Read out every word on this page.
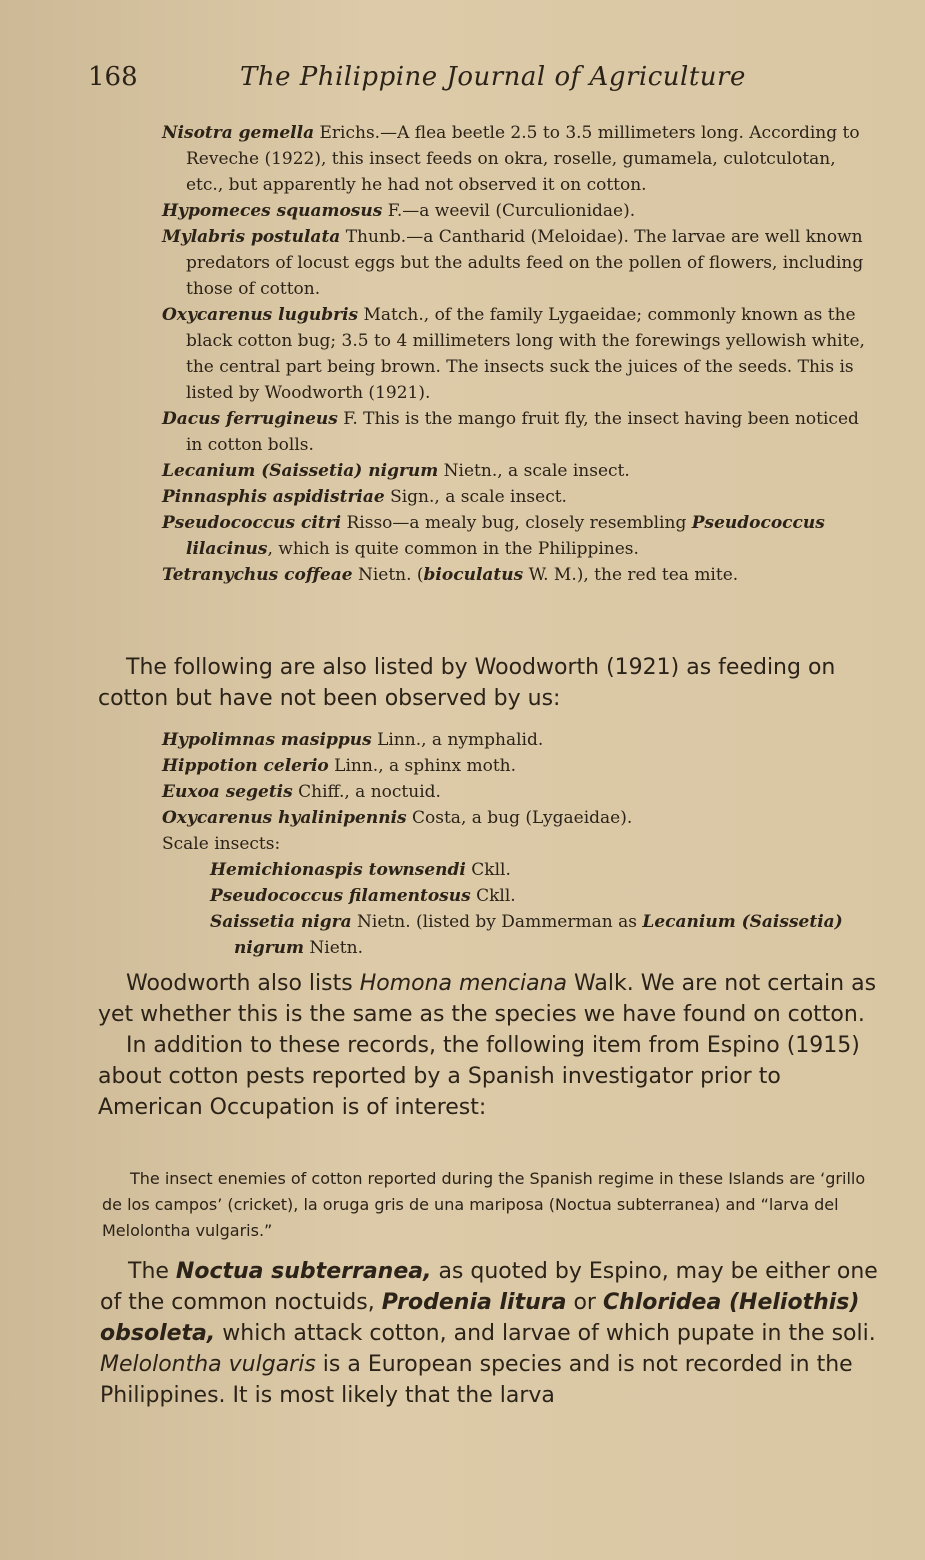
168	The Philippine Journal of Agriculture

Nisotra gemella Erichs.—A flea beetle 2.5 to 3.5 millimeters long. According to Reveche (1922), this insect feeds on okra, roselle, gumamela, culotculotan, etc., but apparently he had not observed it on cotton.

Hypomeces squamosus F.—a weevil (Curculionidae).

Mylabris postulata Thunb.—a Cantharid (Meloidae). The larvae are well known predators of locust eggs but the adults feed on the pollen of flowers, including those of cotton.

Oxycarenus lugubris Match., of the family Lygaeidae; commonly known as the black cotton bug; 3.5 to 4 millimeters long with the forewings yellowish white, the central part being brown. The insects suck the juices of the seeds. This is listed by Woodworth (1921).

Dacus ferrugineus F. This is the mango fruit fly, the insect having been noticed in cotton bolls.

Lecanium (Saissetia) nigrum Nietn., a scale insect.

Pinnasphis aspidistriae Sign., a scale insect.

Pseudococcus citri Risso—a mealy bug, closely resembling Pseudococcus lilacinus, which is quite common in the Philippines.

Tetranychus coffeae Nietn. (bioculatus W. M.), the red tea mite.

The following are also listed by Woodworth (1921) as feeding on cotton but have not been observed by us:

Hypolimnas masippus Linn., a nymphalid.

Hippotion celerio Linn., a sphinx moth.

Euxoa segetis Chiff., a noctuid.

Oxycarenus hyalinipennis Costa, a bug (Lygaeidae).

Scale insects:

Hemichionaspis townsendi Ckll.

Pseudococcus filamentosus Ckll.

Saissetia nigra Nietn. (listed by Dammerman as Lecanium (Saissetia) nigrum Nietn.

Woodworth also lists Homona menciana Walk. We are not certain as yet whether this is the same as the species we have found on cotton.

In addition to these records, the following item from Espino (1915) about cotton pests reported by a Spanish investigator prior to American Occupation is of interest:

The insect enemies of cotton reported during the Spanish regime in these Islands are ‘grillo de los campos’ (cricket), la oruga gris de una mariposa (Noctua subterranea) and “larva del Melolontha vulgaris.”

The Noctua subterranea, as quoted by Espino, may be either one of the common noctuids, Prodenia litura or Chloridea (Heliothis) obsoleta, which attack cotton, and larvae of which pupate in the soli. Melolontha vulgaris is a European species and is not recorded in the Philippines. It is most likely that the larva
